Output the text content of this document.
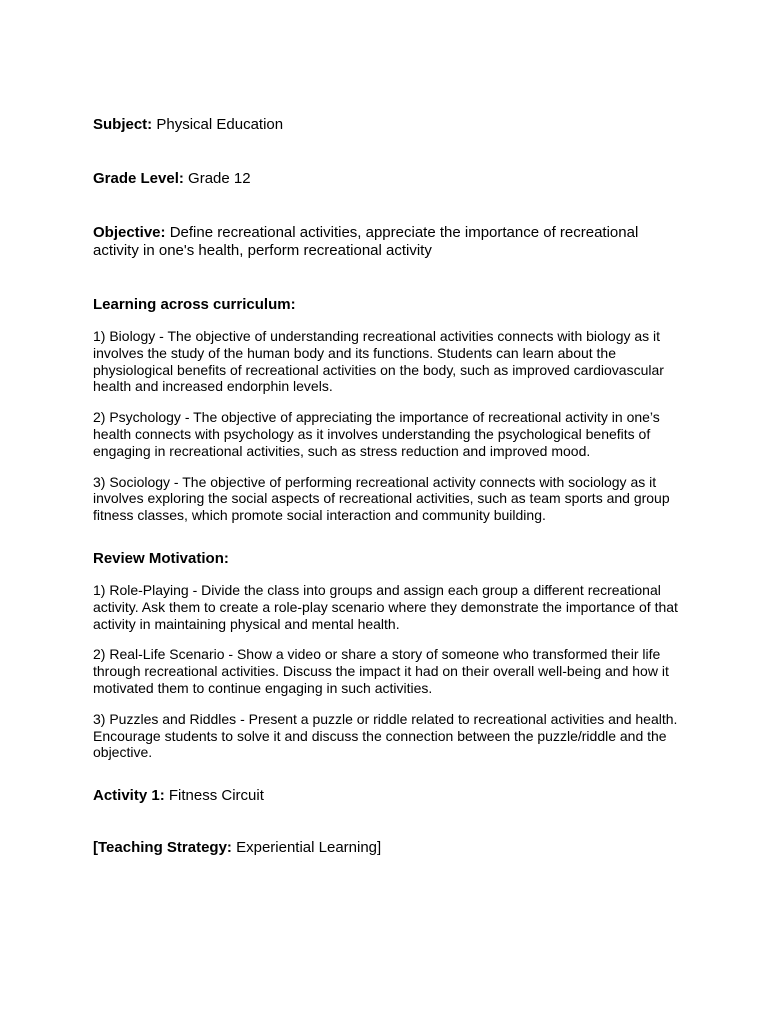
Subject: Physical Education

Grade Level: Grade 12

Objective: Define recreational activities, appreciate the importance of recreational activity in one's health, perform recreational activity

Learning across curriculum:
1) Biology - The objective of understanding recreational activities connects with biology as it involves the study of the human body and its functions. Students can learn about the physiological benefits of recreational activities on the body, such as improved cardiovascular health and increased endorphin levels.
2) Psychology - The objective of appreciating the importance of recreational activity in one’s health connects with psychology as it involves understanding the psychological benefits of engaging in recreational activities, such as stress reduction and improved mood.
3) Sociology - The objective of performing recreational activity connects with sociology as it involves exploring the social aspects of recreational activities, such as team sports and group fitness classes, which promote social interaction and community building.
Review Motivation:
1) Role-Playing - Divide the class into groups and assign each group a different recreational activity. Ask them to create a role-play scenario where they demonstrate the importance of that activity in maintaining physical and mental health.
2) Real-Life Scenario - Show a video or share a story of someone who transformed their life through recreational activities. Discuss the impact it had on their overall well-being and how it motivated them to continue engaging in such activities.
3) Puzzles and Riddles - Present a puzzle or riddle related to recreational activities and health. Encourage students to solve it and discuss the connection between the puzzle/riddle and the objective.

Activity 1: Fitness Circuit

[Teaching Strategy: Experiential Learning]
